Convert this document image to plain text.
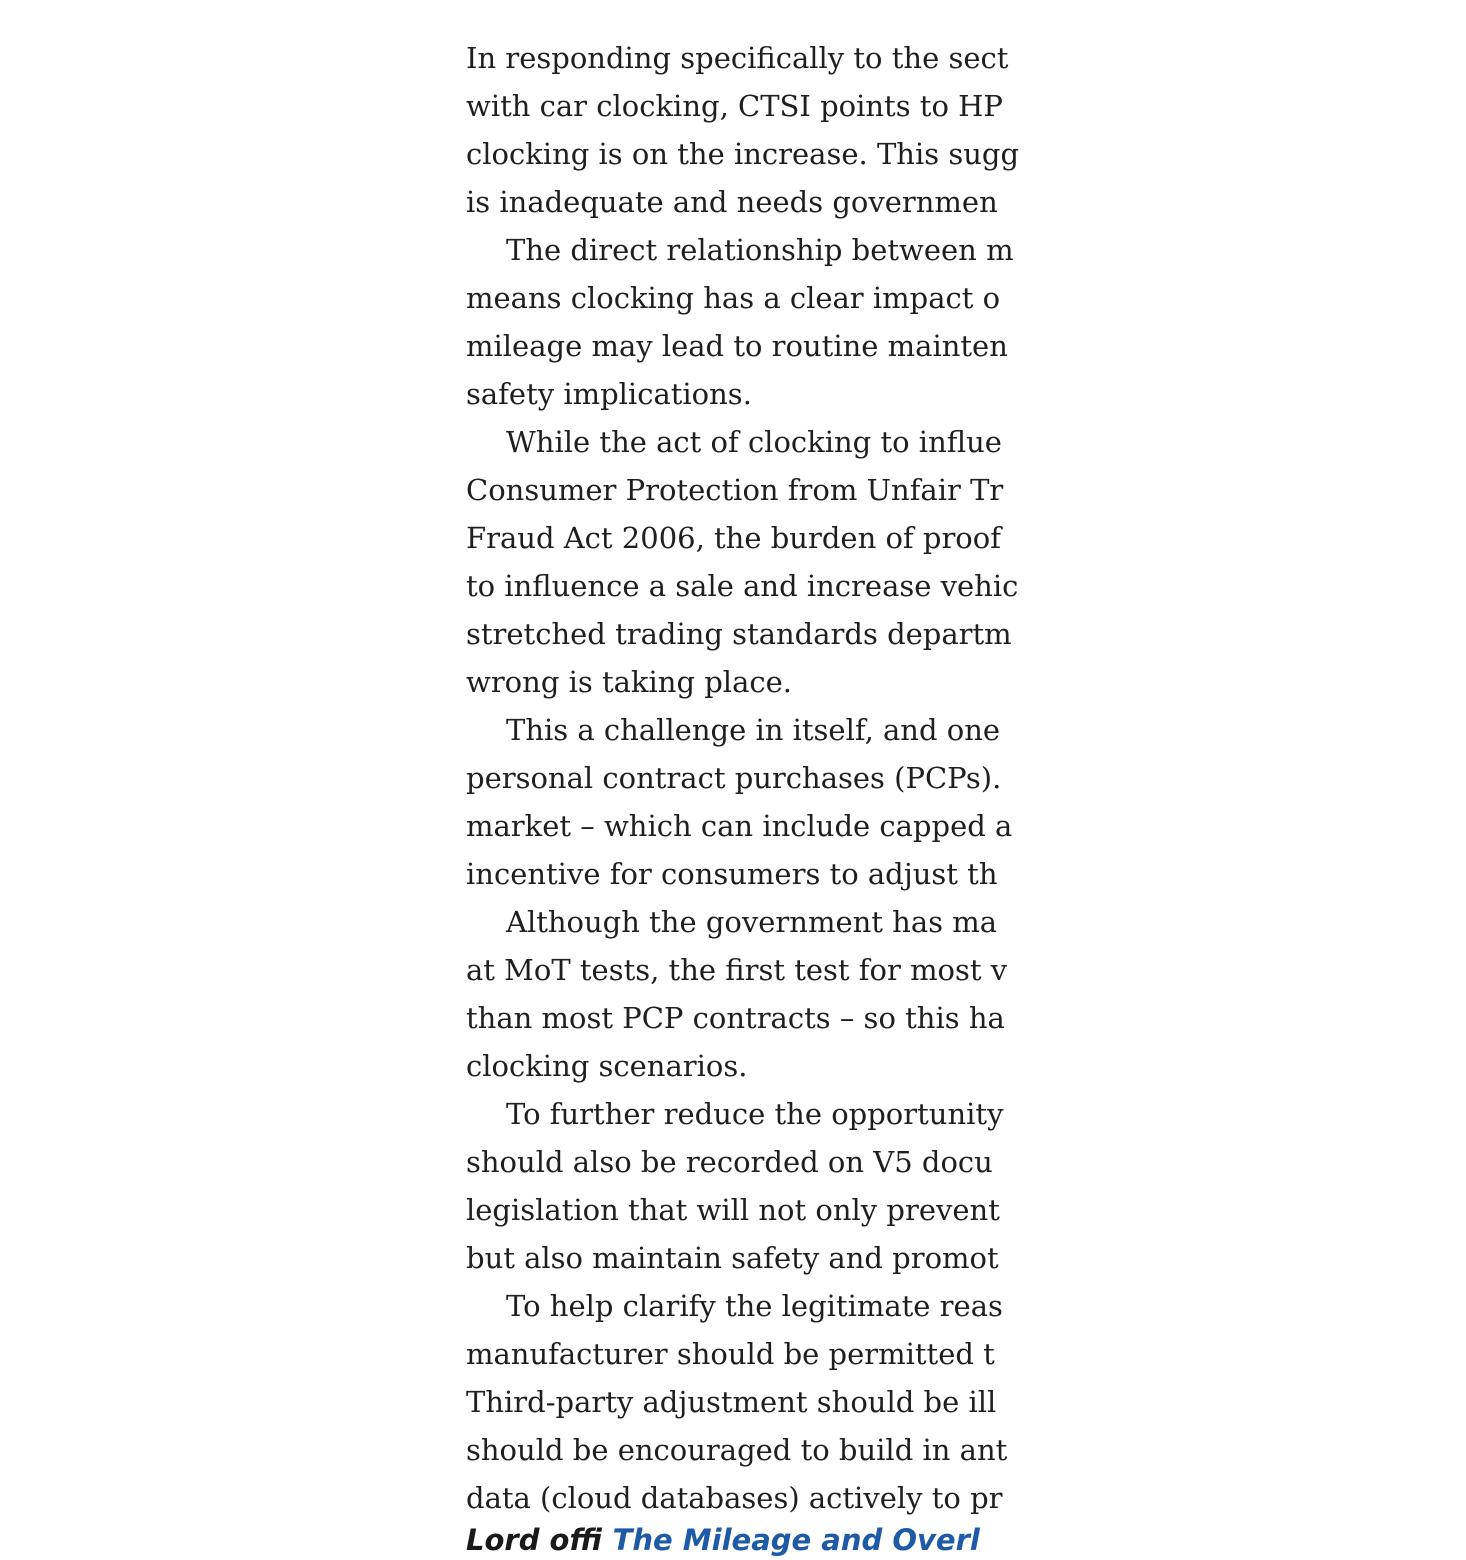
In responding specifically to the sect
with car clocking, CTSI points to HP
clocking is on the increase. This sugg
is inadequate and needs governmen
The direct relationship between m
means clocking has a clear impact o
mileage may lead to routine mainten
safety implications.
While the act of clocking to influe
Consumer Protection from Unfair Tr
Fraud Act 2006, the burden of proof
to influence a sale and increase vehic
stretched trading standards departm
wrong is taking place.
This a challenge in itself, and one
personal contract purchases (PCPs).
market – which can include capped a
incentive for consumers to adjust th
Although the government has ma
at MoT tests, the first test for most v
than most PCP contracts – so this ha
clocking scenarios.
To further reduce the opportunity
should also be recorded on V5 docu
legislation that will not only prevent
but also maintain safety and promot
To help clarify the legitimate reas
manufacturer should be permitted t
Third-party adjustment should be ill
should be encouraged to build in ant
data (cloud databases) actively to pr
Lord offi The Mileage and Overl
